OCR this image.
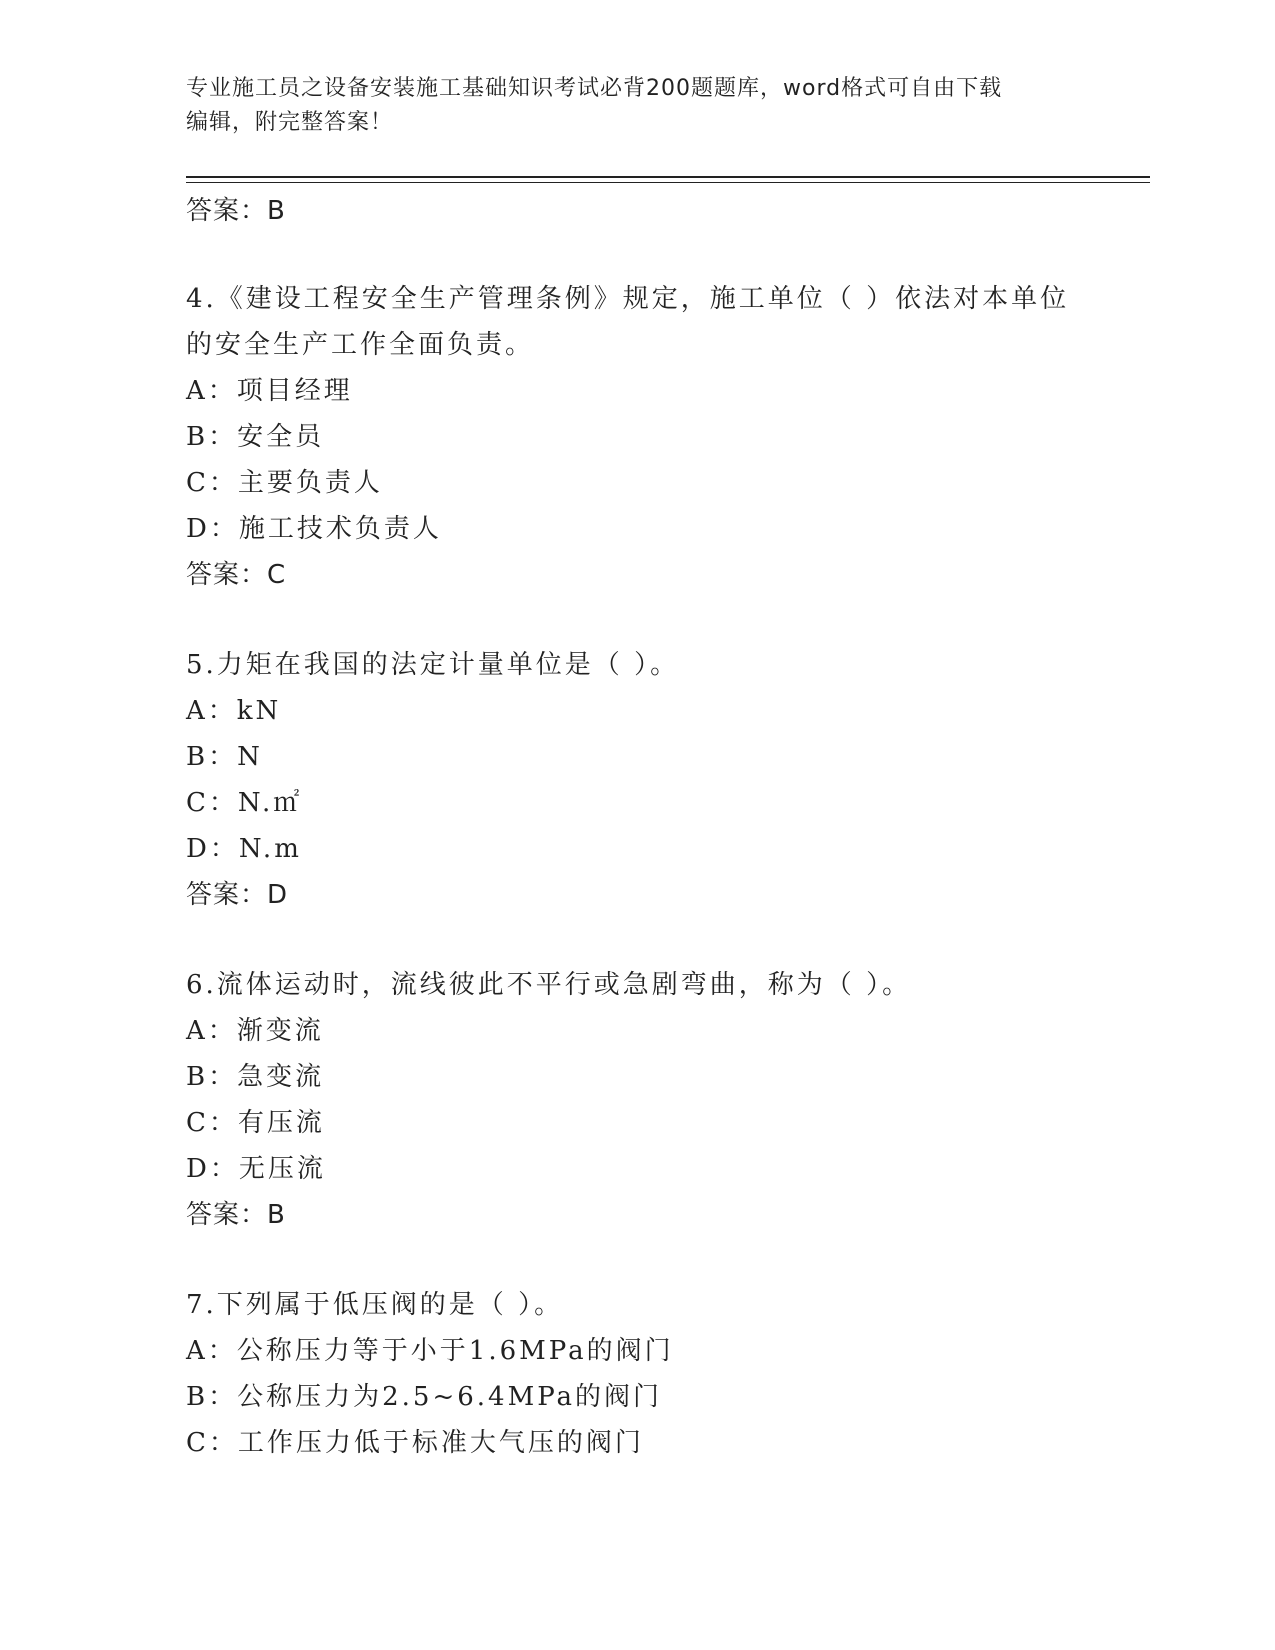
专业施工员之设备安装施工基础知识考试必背200题题库，word格式可自由下载
编辑，附完整答案！
答案：B
4.《建设工程安全生产管理条例》规定，施工单位（ ）依法对本单位
的安全生产工作全面负责。
A：项目经理
B：安全员
C：主要负责人
D：施工技术负责人
答案：C
5.力矩在我国的法定计量单位是（ ）。
A：kN
B：N
C：N.㎡
D：N.m
答案：D
6.流体运动时，流线彼此不平行或急剧弯曲，称为（ ）。
A：渐变流
B：急变流
C：有压流
D：无压流
答案：B
7.下列属于低压阀的是（ ）。
A：公称压力等于小于1.6MPa的阀门
B：公称压力为2.5~6.4MPa的阀门
C：工作压力低于标准大气压的阀门
